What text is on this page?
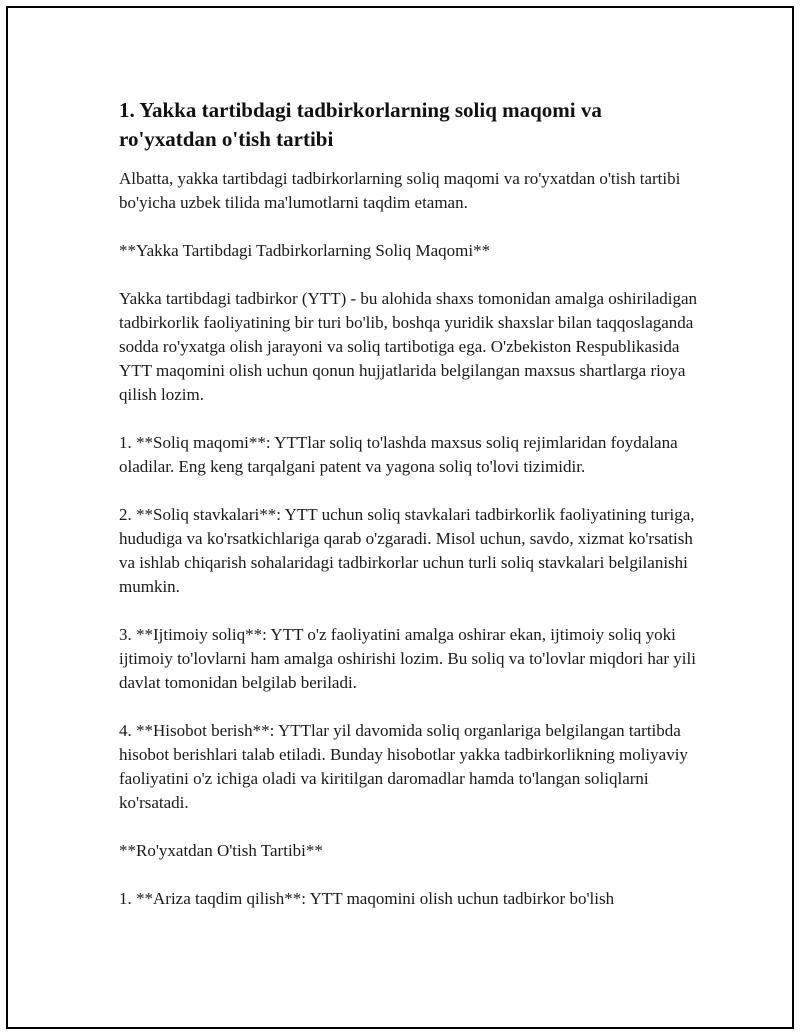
1. Yakka tartibdagi tadbirkorlarning soliq maqomi va ro'yxatdan o'tish tartibi

Albatta, yakka tartibdagi tadbirkorlarning soliq maqomi va ro'yxatdan o'tish tartibi bo'yicha uzbek tilida ma'lumotlarni taqdim etaman.

**Yakka Tartibdagi Tadbirkorlarning Soliq Maqomi**

Yakka tartibdagi tadbirkor (YTT) - bu alohida shaxs tomonidan amalga oshiriladigan tadbirkorlik faoliyatining bir turi bo'lib, boshqa yuridik shaxslar bilan taqqoslaganda sodda ro'yxatga olish jarayoni va soliq tartibotiga ega. O'zbekiston Respublikasida YTT maqomini olish uchun qonun hujjatlarida belgilangan maxsus shartlarga rioya qilish lozim.

1. **Soliq maqomi**: YTTlar soliq to'lashda maxsus soliq rejimlaridan foydalana oladilar. Eng keng tarqalgani patent va yagona soliq to'lovi tizimidir.

2. **Soliq stavkalari**: YTT uchun soliq stavkalari tadbirkorlik faoliyatining turiga, hududiga va ko'rsatkichlariga qarab o'zgaradi. Misol uchun, savdo, xizmat ko'rsatish va ishlab chiqarish sohalaridagi tadbirkorlar uchun turli soliq stavkalari belgilanishi mumkin.

3. **Ijtimoiy soliq**: YTT o'z faoliyatini amalga oshirar ekan, ijtimoiy soliq yoki ijtimoiy to'lovlarni ham amalga oshirishi lozim. Bu soliq va to'lovlar miqdori har yili davlat tomonidan belgilab beriladi.

4. **Hisobot berish**: YTTlar yil davomida soliq organlariga belgilangan tartibda hisobot berishlari talab etiladi. Bunday hisobotlar yakka tadbirkorlikning moliyaviy faoliyatini o'z ichiga oladi va kiritilgan daromadlar hamda to'langan soliqlarni ko'rsatadi.

**Ro'yxatdan O'tish Tartibi**

1. **Ariza taqdim qilish**: YTT maqomini olish uchun tadbirkor bo'lish
